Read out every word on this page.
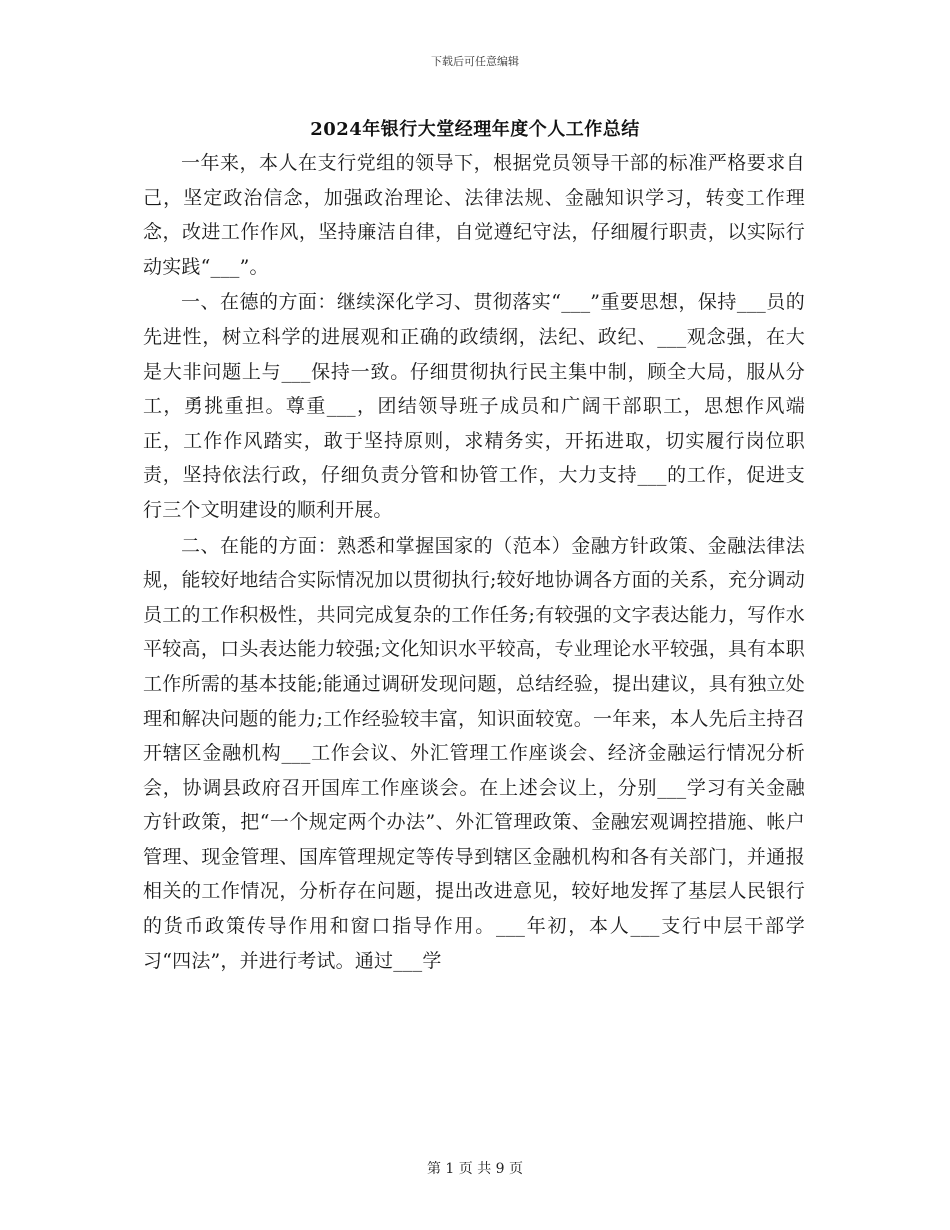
下载后可任意编辑
2024年银行大堂经理年度个人工作总结

一年来，本人在支行党组的领导下，根据党员领导干部的标准严格要求自己，坚定政治信念，加强政治理论、法律法规、金融知识学习，转变工作理念，改进工作作风，坚持廉洁自律，自觉遵纪守法，仔细履行职责，以实际行动实践“___”。

一、在德的方面：继续深化学习、贯彻落实“___”重要思想，保持___员的先进性，树立科学的进展观和正确的政绩纲，法纪、政纪、___观念强，在大是大非问题上与___保持一致。仔细贯彻执行民主集中制，顾全大局，服从分工，勇挑重担。尊重___，团结领导班子成员和广阔干部职工，思想作风端正，工作作风踏实，敢于坚持原则，求精务实，开拓进取，切实履行岗位职责，坚持依法行政，仔细负责分管和协管工作，大力支持___的工作，促进支行三个文明建设的顺利开展。

二、在能的方面：熟悉和掌握国家的（范本）金融方针政策、金融法律法规，能较好地结合实际情况加以贯彻执行;较好地协调各方面的关系，充分调动员工的工作积极性，共同完成复杂的工作任务;有较强的文字表达能力，写作水平较高，口头表达能力较强;文化知识水平较高，专业理论水平较强，具有本职工作所需的基本技能;能通过调研发现问题，总结经验，提出建议，具有独立处理和解决问题的能力;工作经验较丰富，知识面较宽。一年来，本人先后主持召开辖区金融机构___工作会议、外汇管理工作座谈会、经济金融运行情况分析会，协调县政府召开国库工作座谈会。在上述会议上，分别___学习有关金融方针政策，把“一个规定两个办法”、外汇管理政策、金融宏观调控措施、帐户管理、现金管理、国库管理规定等传导到辖区金融机构和各有关部门，并通报相关的工作情况，分析存在问题，提出改进意见，较好地发挥了基层人民银行的货币政策传导作用和窗口指导作用。___年初，本人___支行中层干部学习“四法”，并进行考试。通过___学

第 1 页 共 9 页
